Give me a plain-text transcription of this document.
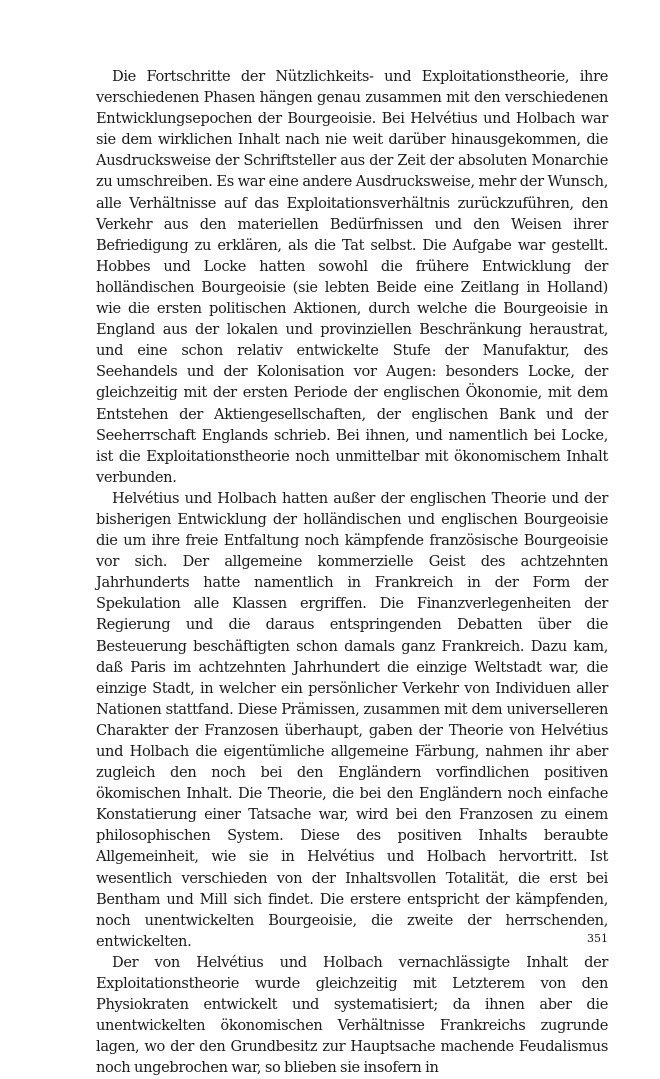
Die Fortschritte der Nützlichkeits- und Exploitationstheorie, ihre verschiedenen Phasen hängen genau zusammen mit den verschiedenen Entwicklungsepochen der Bourgeoisie. Bei Helvétius und Holbach war sie dem wirklichen Inhalt nach nie weit darüber hinausgekommen, die Ausdrucksweise der Schriftsteller aus der Zeit der absoluten Monarchie zu umschreiben. Es war eine andere Ausdrucksweise, mehr der Wunsch, alle Verhältnisse auf das Exploitationsverhältnis zurückzuführen, den Verkehr aus den materiellen Bedürfnissen und den Weisen ihrer Befriedigung zu erklären, als die Tat selbst. Die Aufgabe war gestellt. Hobbes und Locke hatten sowohl die frühere Entwicklung der holländischen Bourgeoisie (sie lebten Beide eine Zeitlang in Holland) wie die ersten politischen Aktionen, durch welche die Bourgeoisie in England aus der lokalen und provinziellen Beschränkung heraustrat, und eine schon relativ entwickelte Stufe der Manufaktur, des Seehandels und der Kolonisation vor Augen: besonders Locke, der gleichzeitig mit der ersten Periode der englischen Ökonomie, mit dem Entstehen der Aktiengesellschaften, der englischen Bank und der Seeherrschaft Englands schrieb. Bei ihnen, und namentlich bei Locke, ist die Exploitationstheorie noch unmittelbar mit ökonomischem Inhalt verbunden.

Helvétius und Holbach hatten außer der englischen Theorie und der bisherigen Entwicklung der holländischen und englischen Bourgeoisie die um ihre freie Entfaltung noch kämpfende französische Bourgeoisie vor sich. Der allgemeine kommerzielle Geist des achtzehnten Jahrhunderts hatte namentlich in Frankreich in der Form der Spekulation alle Klassen ergriffen. Die Finanzverlegenheiten der Regierung und die daraus entspringenden Debatten über die Besteuerung beschäftigten schon damals ganz Frankreich. Dazu kam, daß Paris im achtzehnten Jahrhundert die einzige Weltstadt war, die einzige Stadt, in welcher ein persönlicher Verkehr von Individuen aller Nationen stattfand. Diese Prämissen, zusammen mit dem universelleren Charakter der Franzosen überhaupt, gaben der Theorie von Helvétius und Holbach die eigentümliche allgemeine Färbung, nahmen ihr aber zugleich den noch bei den Engländern vorfindlichen positiven ökomischen Inhalt. Die Theorie, die bei den Engländern noch einfache Konstatierung einer Tatsache war, wird bei den Franzosen zu einem philosophischen System. Diese des positiven Inhalts beraubte Allgemeinheit, wie sie in Helvétius und Holbach hervortritt. Ist wesentlich verschieden von der Inhaltsvollen Totalität, die erst bei Bentham und Mill sich findet. Die erstere entspricht der kämpfenden, noch unentwickelten Bourgeoisie, die zweite der herrschenden, entwickelten.

Der von Helvétius und Holbach vernachlässigte Inhalt der Exploitationstheorie wurde gleichzeitig mit Letzterem von den Physiokraten entwickelt und systematisiert; da ihnen aber die unentwickelten ökonomischen Verhältnisse Frankreichs zugrunde lagen, wo der den Grundbesitz zur Hauptsache machende Feudalismus noch ungebrochen war, so blieben sie insofern in

351
